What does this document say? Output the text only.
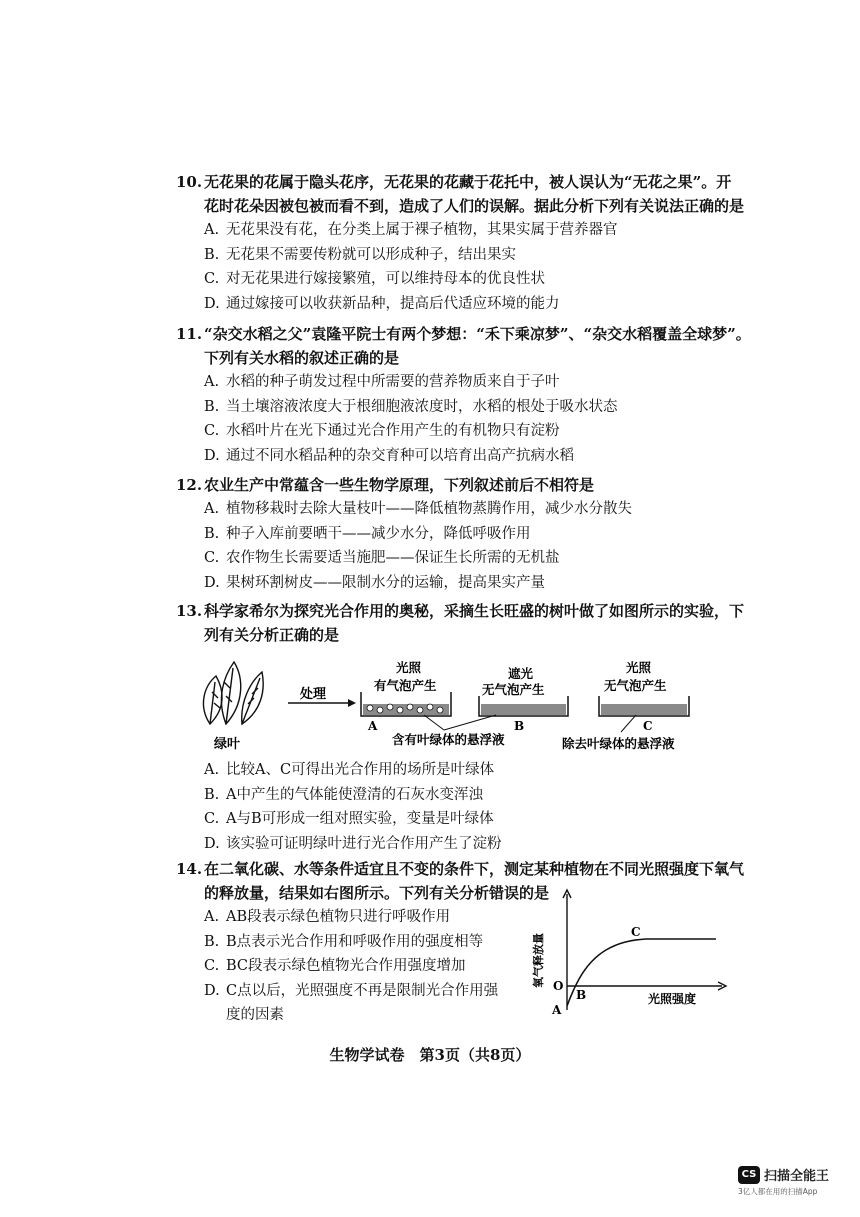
10. 无花果的花属于隐头花序，无花果的花藏于花托中，被人误认为“无花之果”。开
花时花朵因被包被而看不到，造成了人们的误解。据此分析下列有关说法正确的是
A. 无花果没有花，在分类上属于裸子植物，其果实属于营养器官
B. 无花果不需要传粉就可以形成种子，结出果实
C. 对无花果进行嫁接繁殖，可以维持母本的优良性状
D. 通过嫁接可以收获新品种，提高后代适应环境的能力
11. “杂交水稻之父”袁隆平院士有两个梦想：“禾下乘凉梦”、“杂交水稻覆盖全球梦”。
下列有关水稻的叙述正确的是
A. 水稻的种子萌发过程中所需要的营养物质来自于子叶
B. 当土壤溶液浓度大于根细胞液浓度时，水稻的根处于吸水状态
C. 水稻叶片在光下通过光合作用产生的有机物只有淀粉
D. 通过不同水稻品种的杂交育种可以培育出高产抗病水稻
12. 农业生产中常蕴含一些生物学原理，下列叙述前后不相符是
A. 植物移栽时去除大量枝叶——降低植物蒸腾作用，减少水分散失
B. 种子入库前要晒干——减少水分，降低呼吸作用
C. 农作物生长需要适当施肥——保证生长所需的无机盐
D. 果树环割树皮——限制水分的运输，提高果实产量
13. 科学家希尔为探究光合作用的奥秘，采摘生长旺盛的树叶做了如图所示的实验，下
列有关分析正确的是
绿叶
处理
光照
有气泡产生
A
遮光
无气泡产生
B
光照
无气泡产生
C
含有叶绿体的悬浮液	除去叶绿体的悬浮液
A. 比较A、C可得出光合作用的场所是叶绿体
B. A中产生的气体能使澄清的石灰水变浑浊
C. A与B可形成一组对照实验，变量是叶绿体
D. 该实验可证明绿叶进行光合作用产生了淀粉
14. 在二氧化碳、水等条件适宜且不变的条件下，测定某种植物在不同光照强度下氧气
的释放量，结果如右图所示。下列有关分析错误的是
A. AB段表示绿色植物只进行呼吸作用
B. B点表示光合作用和呼吸作用的强度相等
C. BC段表示绿色植物光合作用强度增加
D. C点以后，光照强度不再是限制光合作用强
度的因素
氧气释放量
光照强度
O
A
B
C
生物学试卷　第3页（共8页）
CS 扫描全能王
3亿人都在用的扫描App
